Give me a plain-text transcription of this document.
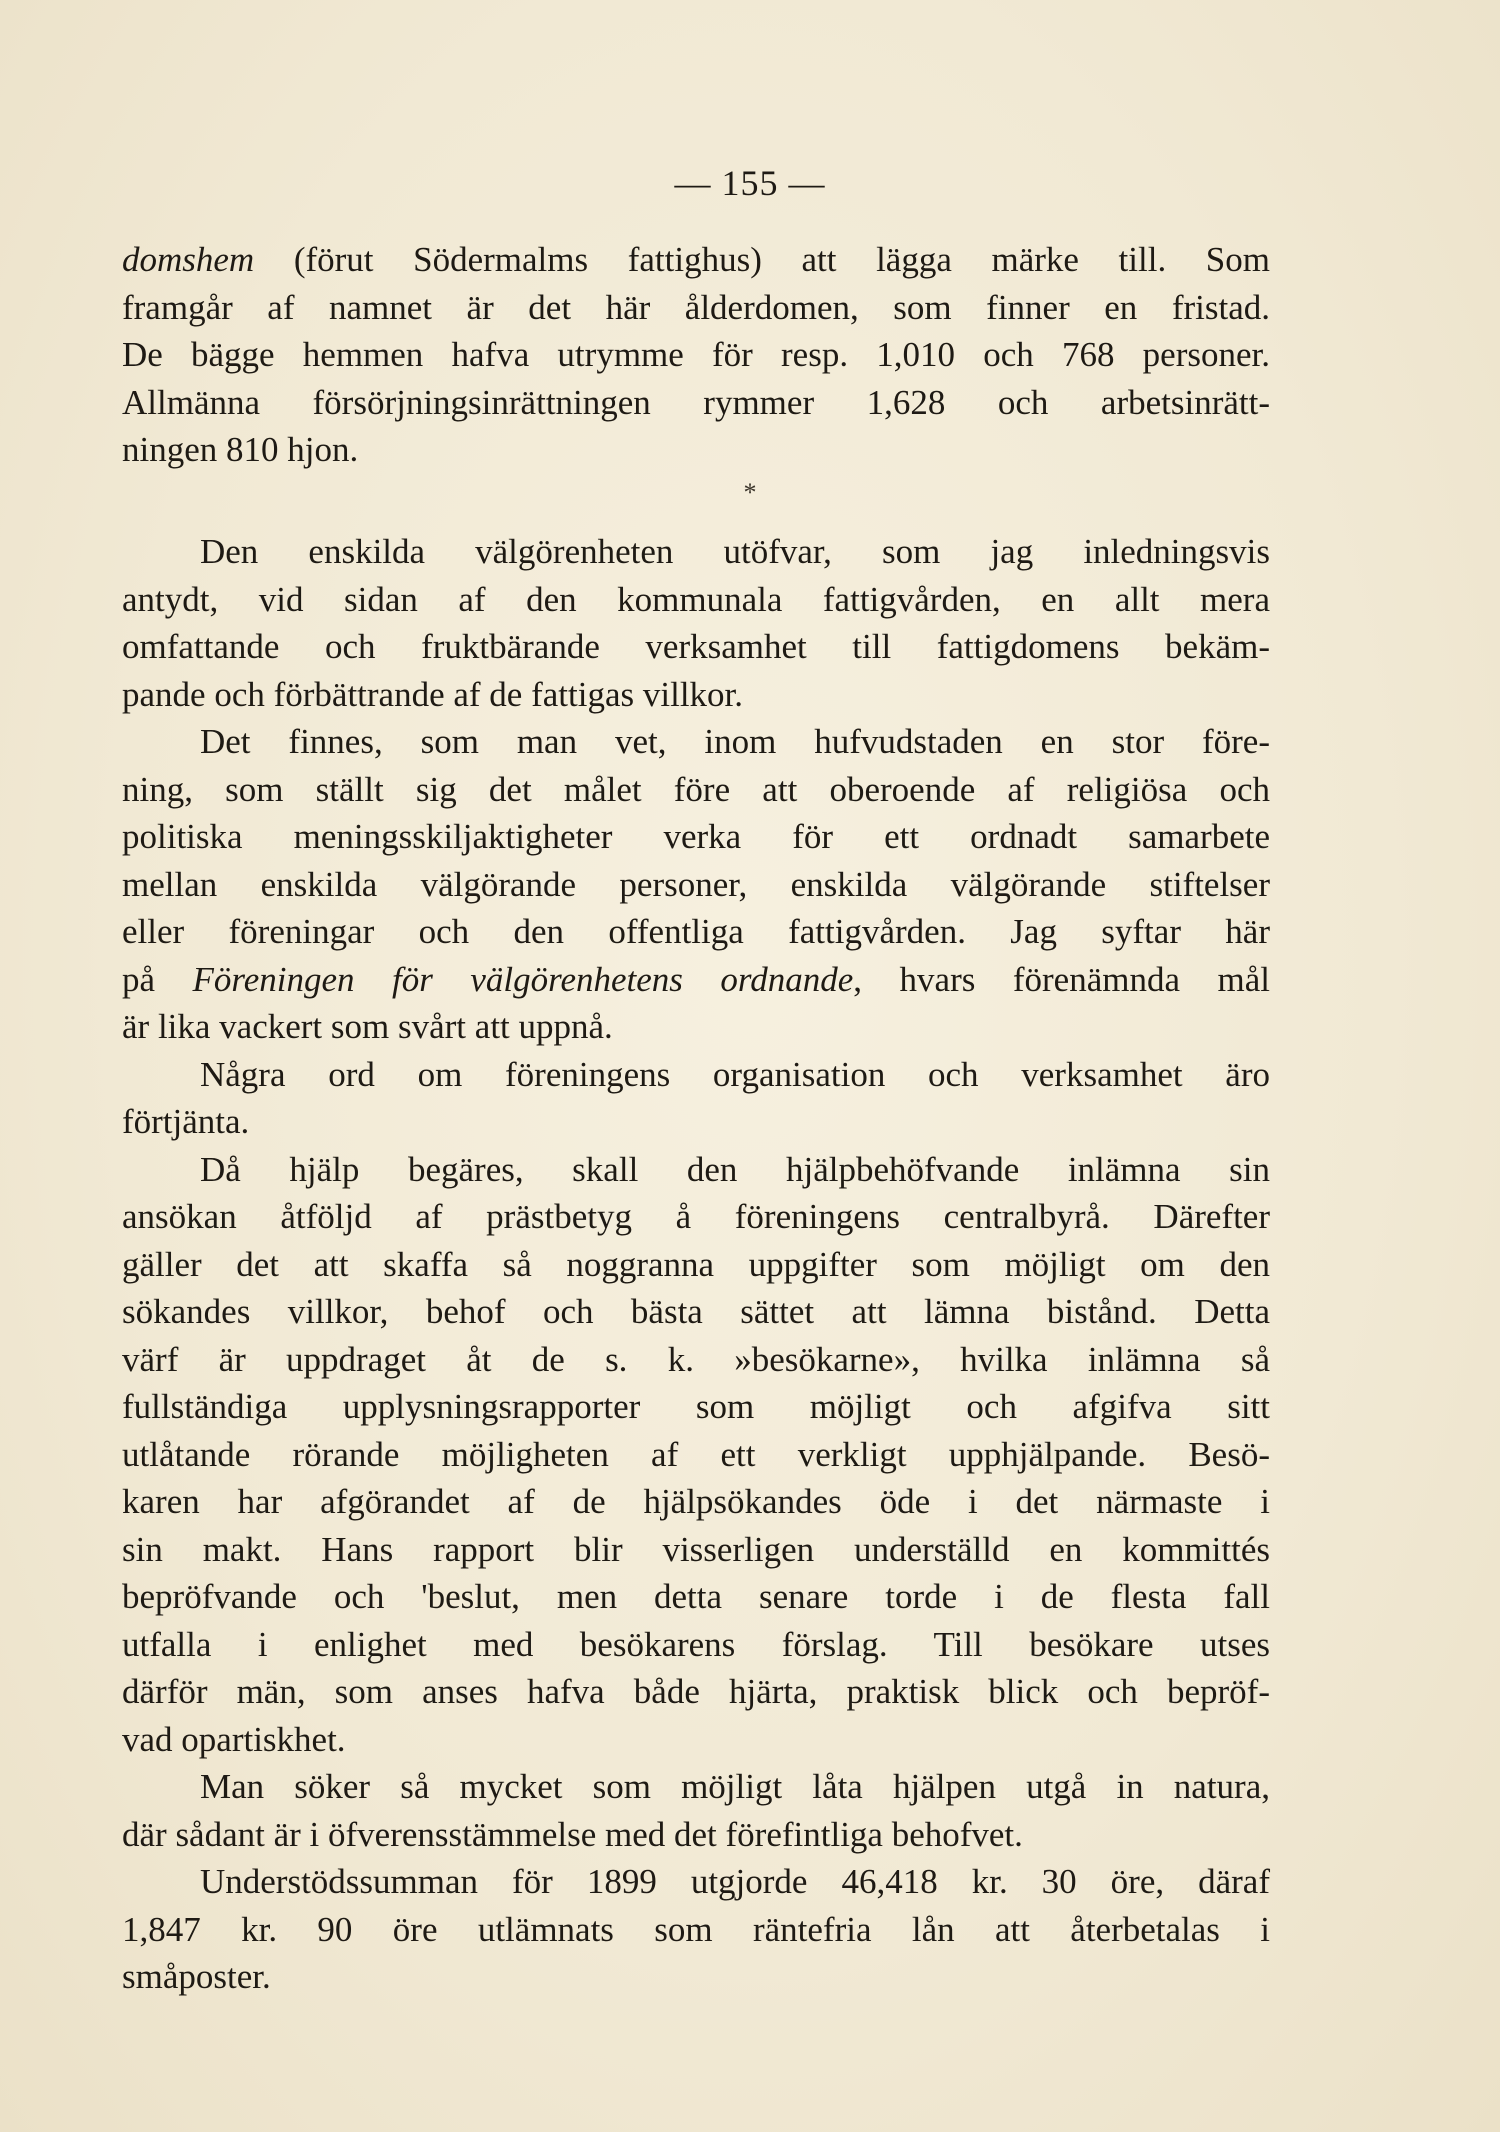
— 155 —
domshem (förut Södermalms fattighus) att lägga märke till. Som
framgår af namnet är det här ålderdomen, som finner en fristad.
De bägge hemmen hafva utrymme för resp. 1,010 och 768 personer.
Allmänna försörjningsinrättningen rymmer 1,628 och arbetsinrätt-
ningen 810 hjon.
*
Den enskilda välgörenheten utöfvar, som jag inledningsvis
antydt, vid sidan af den kommunala fattigvården, en allt mera
omfattande och fruktbärande verksamhet till fattigdomens bekäm-
pande och förbättrande af de fattigas villkor.
Det finnes, som man vet, inom hufvudstaden en stor före-
ning, som ställt sig det målet före att oberoende af religiösa och
politiska meningsskiljaktigheter verka för ett ordnadt samarbete
mellan enskilda välgörande personer, enskilda välgörande stiftelser
eller föreningar och den offentliga fattigvården. Jag syftar här
på Föreningen för välgörenhetens ordnande, hvars förenämnda mål
är lika vackert som svårt att uppnå.
Några ord om föreningens organisation och verksamhet äro
förtjänta.
Då hjälp begäres, skall den hjälpbehöfvande inlämna sin
ansökan åtföljd af prästbetyg å föreningens centralbyrå. Därefter
gäller det att skaffa så noggranna uppgifter som möjligt om den
sökandes villkor, behof och bästa sättet att lämna bistånd. Detta
värf är uppdraget åt de s. k. »besökarne», hvilka inlämna så
fullständiga upplysningsrapporter som möjligt och afgifva sitt
utlåtande rörande möjligheten af ett verkligt upphjälpande. Besö-
karen har afgörandet af de hjälpsökandes öde i det närmaste i
sin makt. Hans rapport blir visserligen underställd en kommittés
bepröfvande och 'beslut, men detta senare torde i de flesta fall
utfalla i enlighet med besökarens förslag. Till besökare utses
därför män, som anses hafva både hjärta, praktisk blick och bepröf-
vad opartiskhet.
Man söker så mycket som möjligt låta hjälpen utgå in natura,
där sådant är i öfverensstämmelse med det förefintliga behofvet.
Understödssumman för 1899 utgjorde 46,418 kr. 30 öre, däraf
1,847 kr. 90 öre utlämnats som räntefria lån att återbetalas i
småposter.
